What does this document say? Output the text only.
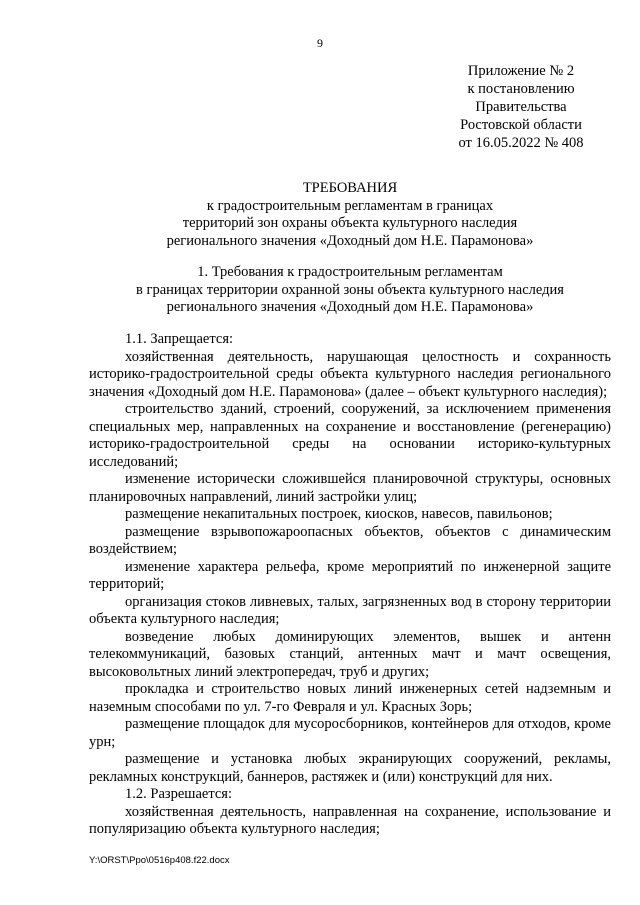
9
Приложение № 2
к постановлению
Правительства
Ростовской области
от 16.05.2022 № 408
ТРЕБОВАНИЯ
к градостроительным регламентам в границах
территорий зон охраны объекта культурного наследия
регионального значения «Доходный дом Н.Е. Парамонова»
1. Требования к градостроительным регламентам
в границах территории охранной зоны объекта культурного наследия
регионального значения «Доходный дом Н.Е. Парамонова»

1.1. Запрещается:

хозяйственная деятельность, нарушающая целостность и сохранность историко-градостроительной среды объекта культурного наследия регионального значения «Доходный дом Н.Е. Парамонова» (далее – объект культурного наследия);

строительство зданий, строений, сооружений, за исключением применения специальных мер, направленных на сохранение и восстановление (регенерацию) историко-градостроительной среды на основании историко-культурных исследований;

изменение исторически сложившейся планировочной структуры, основных планировочных направлений, линий застройки улиц;

размещение некапитальных построек, киосков, навесов, павильонов;

размещение взрывопожароопасных объектов, объектов с динамическим воздействием;

изменение характера рельефа, кроме мероприятий по инженерной защите территорий;

организация стоков ливневых, талых, загрязненных вод в сторону территории объекта культурного наследия;

возведение любых доминирующих элементов, вышек и антенн телекоммуникаций, базовых станций, антенных мачт и мачт освещения, высоковольтных линий электропередач, труб и других;

прокладка и строительство новых линий инженерных сетей надземным и наземным способами по ул. 7-го Февраля и ул. Красных Зорь;

размещение площадок для мусоросборников, контейнеров для отходов, кроме урн;

размещение и установка любых экранирующих сооружений, рекламы, рекламных конструкций, баннеров, растяжек и (или) конструкций для них.

1.2. Разрешается:

хозяйственная деятельность, направленная на сохранение, использование и популяризацию объекта культурного наследия;

Y:\ORST\Ppo\0516p408.f22.docx
